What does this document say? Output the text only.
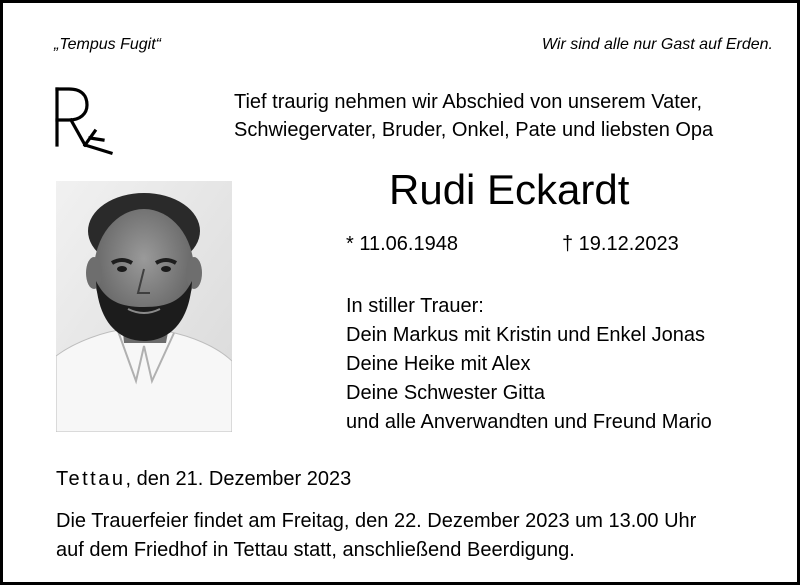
„Tempus Fugit“	Wir sind alle nur Gast auf Erden.
Tief traurig nehmen wir Abschied von unserem Vater,
Schwiegervater, Bruder, Onkel, Pate und liebsten Opa
Rudi Eckardt
* 11.06.1948	† 19.12.2023
In stiller Trauer:
Dein Markus mit Kristin und Enkel Jonas
Deine Heike mit Alex
Deine Schwester Gitta
und alle Anverwandten und Freund Mario
Tettau, den 21. Dezember 2023
Die Trauerfeier findet am Freitag, den 22. Dezember 2023 um 13.00 Uhr
auf dem Friedhof in Tettau statt, anschließend Beerdigung.
